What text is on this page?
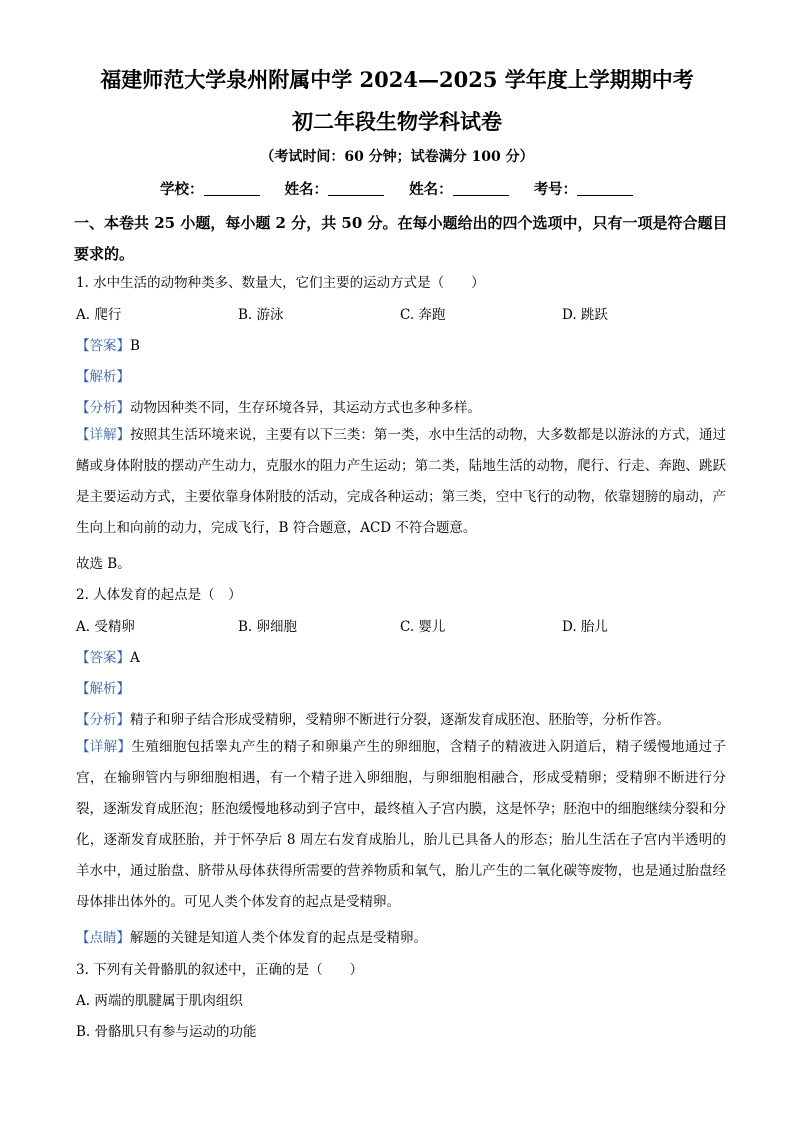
福建师范大学泉州附属中学 2024—2025 学年度上学期期中考
初二年段生物学科试卷
（考试时间：60 分钟；试卷满分 100 分）
学校：	姓名：	姓名：	考号：
一、本卷共 25 小题，每小题 2 分，共 50 分。在每小题给出的四个选项中，只有一项是符合题目要求的。
1. 水中生活的动物种类多、数量大，它们主要的运动方式是（　　）
A. 爬行	B. 游泳	C. 奔跑	D. 跳跃
【答案】B
【解析】
【分析】动物因种类不同，生存环境各异，其运动方式也多种多样。
【详解】按照其生活环境来说，主要有以下三类：第一类，水中生活的动物，大多数都是以游泳的方式，通过鳍或身体附肢的摆动产生动力，克服水的阻力产生运动；第二类，陆地生活的动物，爬行、行走、奔跑、跳跃是主要运动方式，主要依靠身体附肢的活动，完成各种运动；第三类，空中飞行的动物，依靠翅膀的扇动，产生向上和向前的动力，完成飞行，B 符合题意，ACD 不符合题意。
故选 B。
2. 人体发育的起点是（　）
A. 受精卵	B. 卵细胞	C. 婴儿	D. 胎儿
【答案】A
【解析】
【分析】精子和卵子结合形成受精卵，受精卵不断进行分裂，逐渐发育成胚泡、胚胎等，分析作答。
【详解】生殖细胞包括睾丸产生的精子和卵巢产生的卵细胞，含精子的精液进入阴道后，精子缓慢地通过子宫，在输卵管内与卵细胞相遇，有一个精子进入卵细胞，与卵细胞相融合，形成受精卵；受精卵不断进行分裂，逐渐发育成胚泡；胚泡缓慢地移动到子宫中，最终植入子宫内膜，这是怀孕；胚泡中的细胞继续分裂和分化，逐渐发育成胚胎，并于怀孕后 8 周左右发育成胎儿，胎儿已具备人的形态；胎儿生活在子宫内半透明的羊水中，通过胎盘、脐带从母体获得所需要的营养物质和氧气，胎儿产生的二氧化碳等废物，也是通过胎盘经母体排出体外的。可见人类个体发育的起点是受精卵。
【点睛】解题的关键是知道人类个体发育的起点是受精卵。
3. 下列有关骨骼肌的叙述中，正确的是（　　）
A. 两端的肌腱属于肌肉组织
B. 骨骼肌只有参与运动的功能
